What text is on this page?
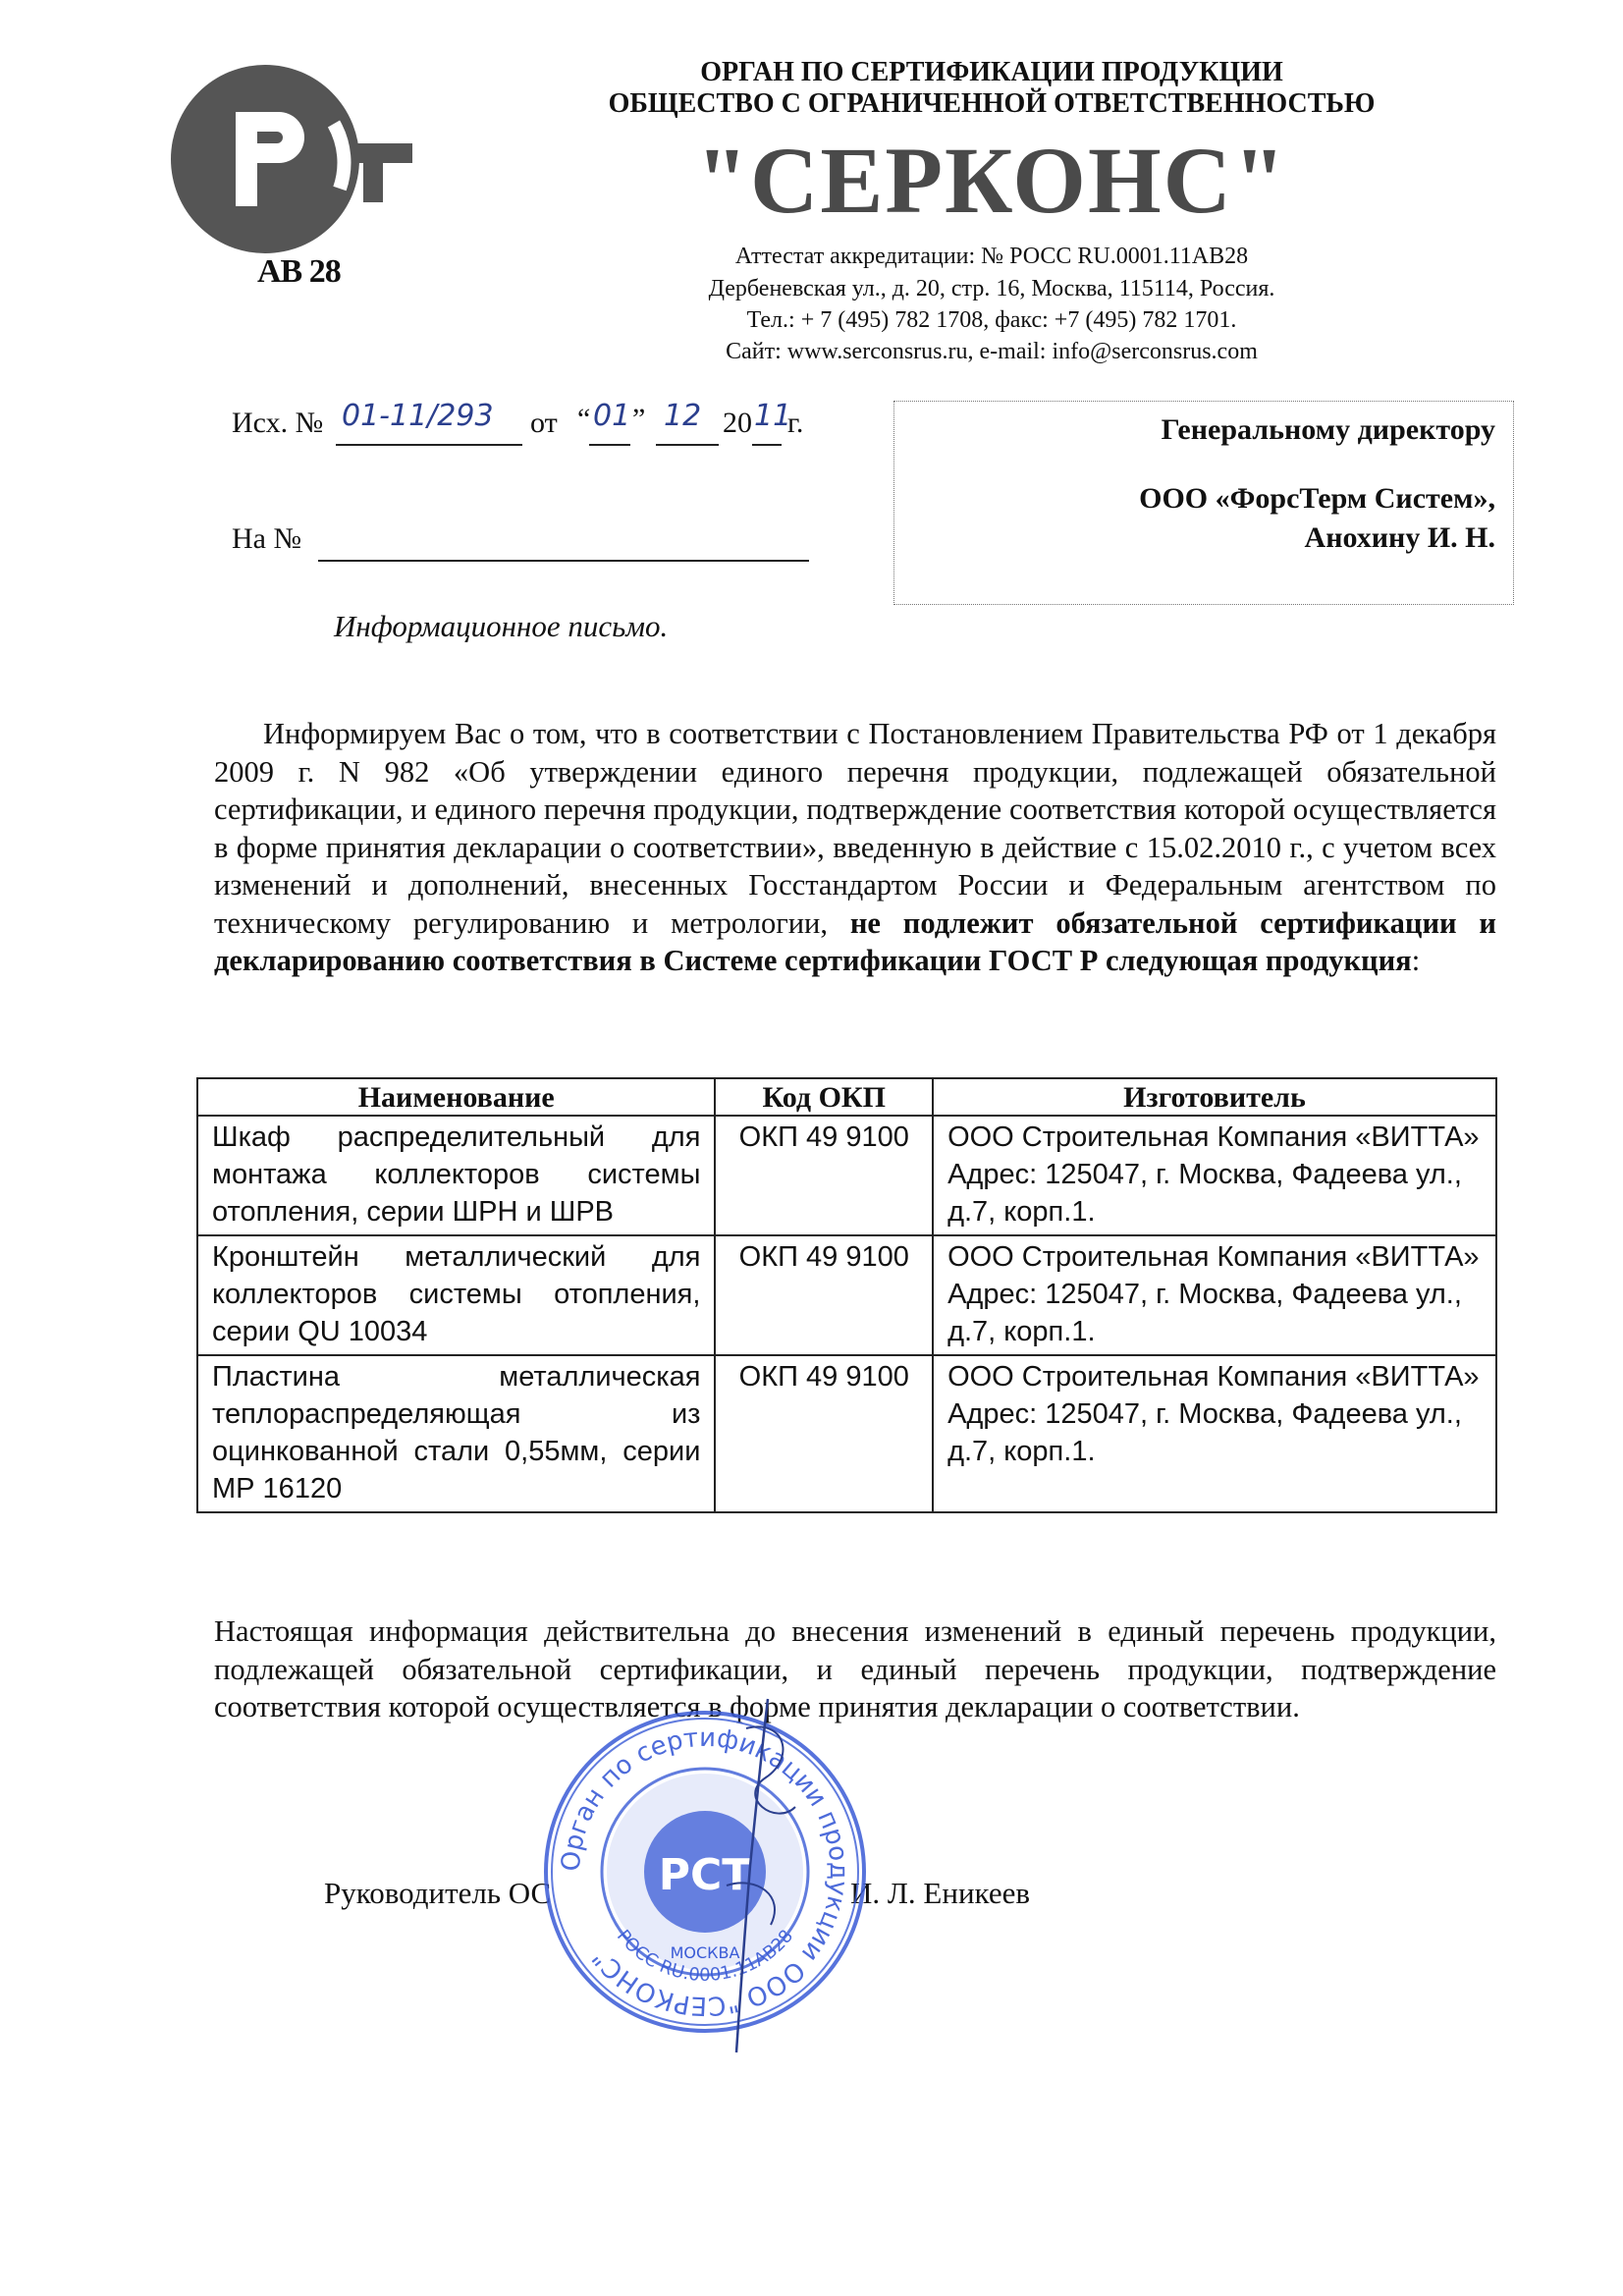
АВ 28
ОРГАН ПО СЕРТИФИКАЦИИ ПРОДУКЦИИ
ОБЩЕСТВО С ОГРАНИЧЕННОЙ ОТВЕТСТВЕННОСТЬЮ
"СЕРКОНС"
Аттестат аккредитации: № РОСС RU.0001.11АВ28
Дербеневская ул., д. 20, стр. 16, Москва, 115114, Россия.
Тел.: + 7 (495) 782 1708, факс: +7 (495) 782 1701.
Сайт: www.serconsrus.ru, e-mail: info@serconsrus.com
Исх. № 01-11/293 от “ 01 ” 12 20 11
г.
На №
Генеральному директору
ООО «ФорсТерм Систем»,
Анохину И. Н.
Информационное письмо.
Информируем Вас о том, что в соответствии с Постановлением Правительства РФ от 1 декабря 2009 г. N 982 «Об утверждении единого перечня продукции, подлежащей обязательной сертификации, и единого перечня продукции, подтверждение соответствия которой осуществляется в форме принятия декларации о соответствии», введенную в действие с 15.02.2010 г., с учетом всех изменений и дополнений, внесенных Госстандартом России и Федеральным агентством по техническому регулированию и метрологии, не подлежит обязательной сертификации и декларированию соответствия в Системе сертификации ГОСТ Р следующая продукция:
Наименование	Код ОКП	Изготовитель
Шкаф распределительный для монтажа коллекторов системы отопления, серии ШРН и ШРВ	ОКП 49 9100	ООО Строительная Компания «ВИТТА»
Адрес: 125047, г. Москва, Фадеева ул., д.7, корп.1.

Кронштейн металлический для коллекторов системы отопления, серии QU 10034	ОКП 49 9100	ООО Строительная Компания «ВИТТА»
Адрес: 125047, г. Москва, Фадеева ул., д.7, корп.1.

Пластина металлическая теплораспределяющая из оцинкованной стали 0,55мм, серии МР 16120	ОКП 49 9100	ООО Строительная Компания «ВИТТА»
Адрес: 125047, г. Москва, Фадеева ул., д.7, корп.1.
Настоящая информация действительна до внесения изменений в единый перечень продукции, подлежащей обязательной сертификации, и единый перечень продукции, подтверждение соответствия которой осуществляется в форме принятия декларации о соответствии.
Руководитель ОС	И. Л. Еникеев
Орган по сертификации продукции ООО "СЕРКОНС"
РСТ
МОСКВА
РОСС RU.0001.11АВ28
